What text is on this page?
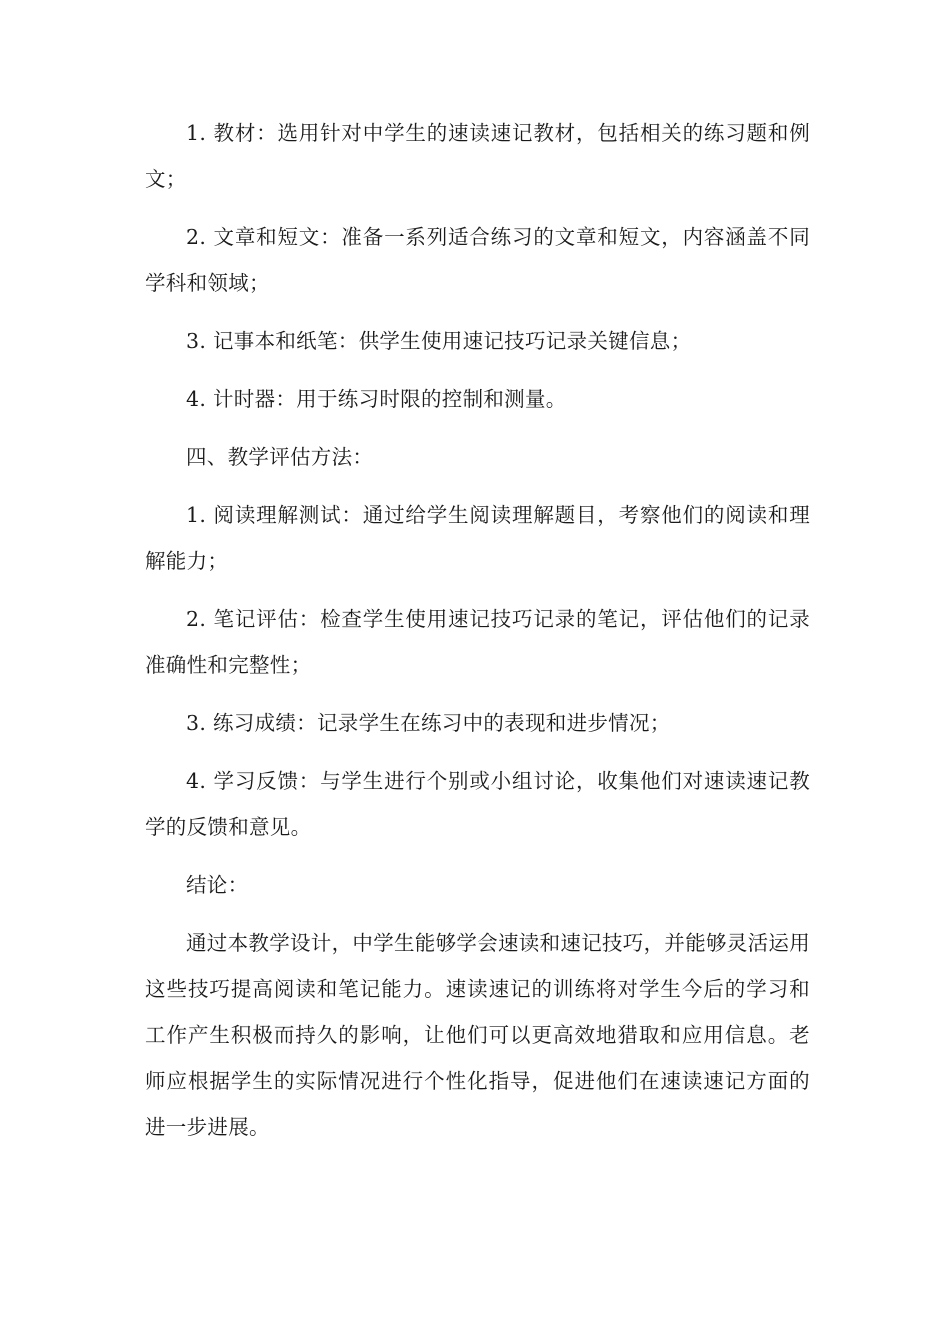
1. 教材：选用针对中学生的速读速记教材，包括相关的练习题和例文；

2. 文章和短文：准备一系列适合练习的文章和短文，内容涵盖不同学科和领域；

3. 记事本和纸笔：供学生使用速记技巧记录关键信息；

4. 计时器：用于练习时限的控制和测量。

四、教学评估方法：

1. 阅读理解测试：通过给学生阅读理解题目，考察他们的阅读和理解能力；

2. 笔记评估：检查学生使用速记技巧记录的笔记，评估他们的记录准确性和完整性；

3. 练习成绩：记录学生在练习中的表现和进步情况；

4. 学习反馈：与学生进行个别或小组讨论，收集他们对速读速记教学的反馈和意见。

结论：

通过本教学设计，中学生能够学会速读和速记技巧，并能够灵活运用这些技巧提高阅读和笔记能力。速读速记的训练将对学生今后的学习和工作产生积极而持久的影响，让他们可以更高效地猎取和应用信息。老师应根据学生的实际情况进行个性化指导，促进他们在速读速记方面的进一步进展。
